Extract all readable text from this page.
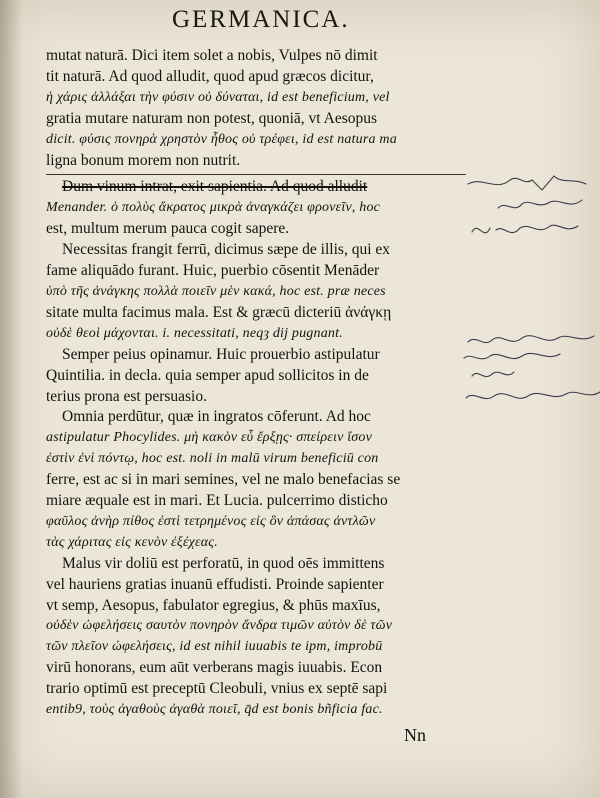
GERMANICA.
mutat naturā. Dici item solet a nobis, Vulpes nō dimit
tit naturā. Ad quod alludit, quod apud græcos dicitur,
ἡ χάρις ἀλλάξαι τὴν φύσιν οὐ δύναται, id est beneficium, vel
gratia mutare naturam non potest, quoniā, vt Aesopus
dicit. φύσις πονηρὰ χρηστὸν ἦθος οὐ τρέφει, id est natura ma
ligna bonum morem non nutrit.
Dum vinum intrat, exit sapientia. Ad quod alludit
Menander. ὁ πολὺς ἄκρατος μικρὰ ἀναγκάζει φρονεῖν, hoc
est, multum merum pauca cogit sapere.
Necessitas frangit ferrū, dicimus sæpe de illis, qui ex
fame aliquādo furant. Huic, puerbio cōsentit Menāder
ὑπὸ τῆς ἀνάγκης πολλὰ ποιεῖν μὲν κακά, hoc est. præ neces
sitate multa facimus mala. Est & græcū dicteriū ἀνάγκῃ
οὐδὲ θεοὶ μάχονται. i. necessitati, neqȝ dij pugnant.
Semper peius opinamur. Huic prouerbio astipulatur
Quintilia. in decla. quia semper apud sollicitos in de
terius prona est persuasio.
Omnia perdūtur, quæ in ingratos cōferunt. Ad hoc
astipulatur Phocylides. μὴ κακὸν εὖ ἔρξῃς· σπείρειν ἴσον
ἐστὶν ἐνὶ πόντῳ, hoc est. noli in malū virum beneficiū con
ferre, est ac si in mari semines, vel ne malo benefacias se
miare æquale est in mari. Et Lucia. pulcerrimo disticho
φαῦλος ἀνὴρ πίθος ἐστὶ τετρημένος εἰς ὃν ἁπάσας ἀντλῶν
τὰς χάριτας εἰς κενὸν ἐξέχεας.
Malus vir doliū est perforatū, in quod oēs immittens
vel hauriens gratias inuanū effudisti. Proinde sapienter
vt semp, Aesopus, fabulator egregius, & phūs maxīus,
οὐδὲν ὠφελήσεις σαυτὸν πονηρὸν ἄνδρα τιμῶν αὐτὸν δὲ τῶν
τῶν πλεῖον ὠφελήσεις, id est nihil iuuabis te ipm, improbū
virū honorans, eum aūt verberans magis iuuabis. Econ
trario optimū est preceptū Cleobuli, vnius ex septē sapi
entib9, τοὺς ἀγαθοὺς ἀγαθὰ ποιεῖ, q̄d est bonis bñficia fac.
Nn
